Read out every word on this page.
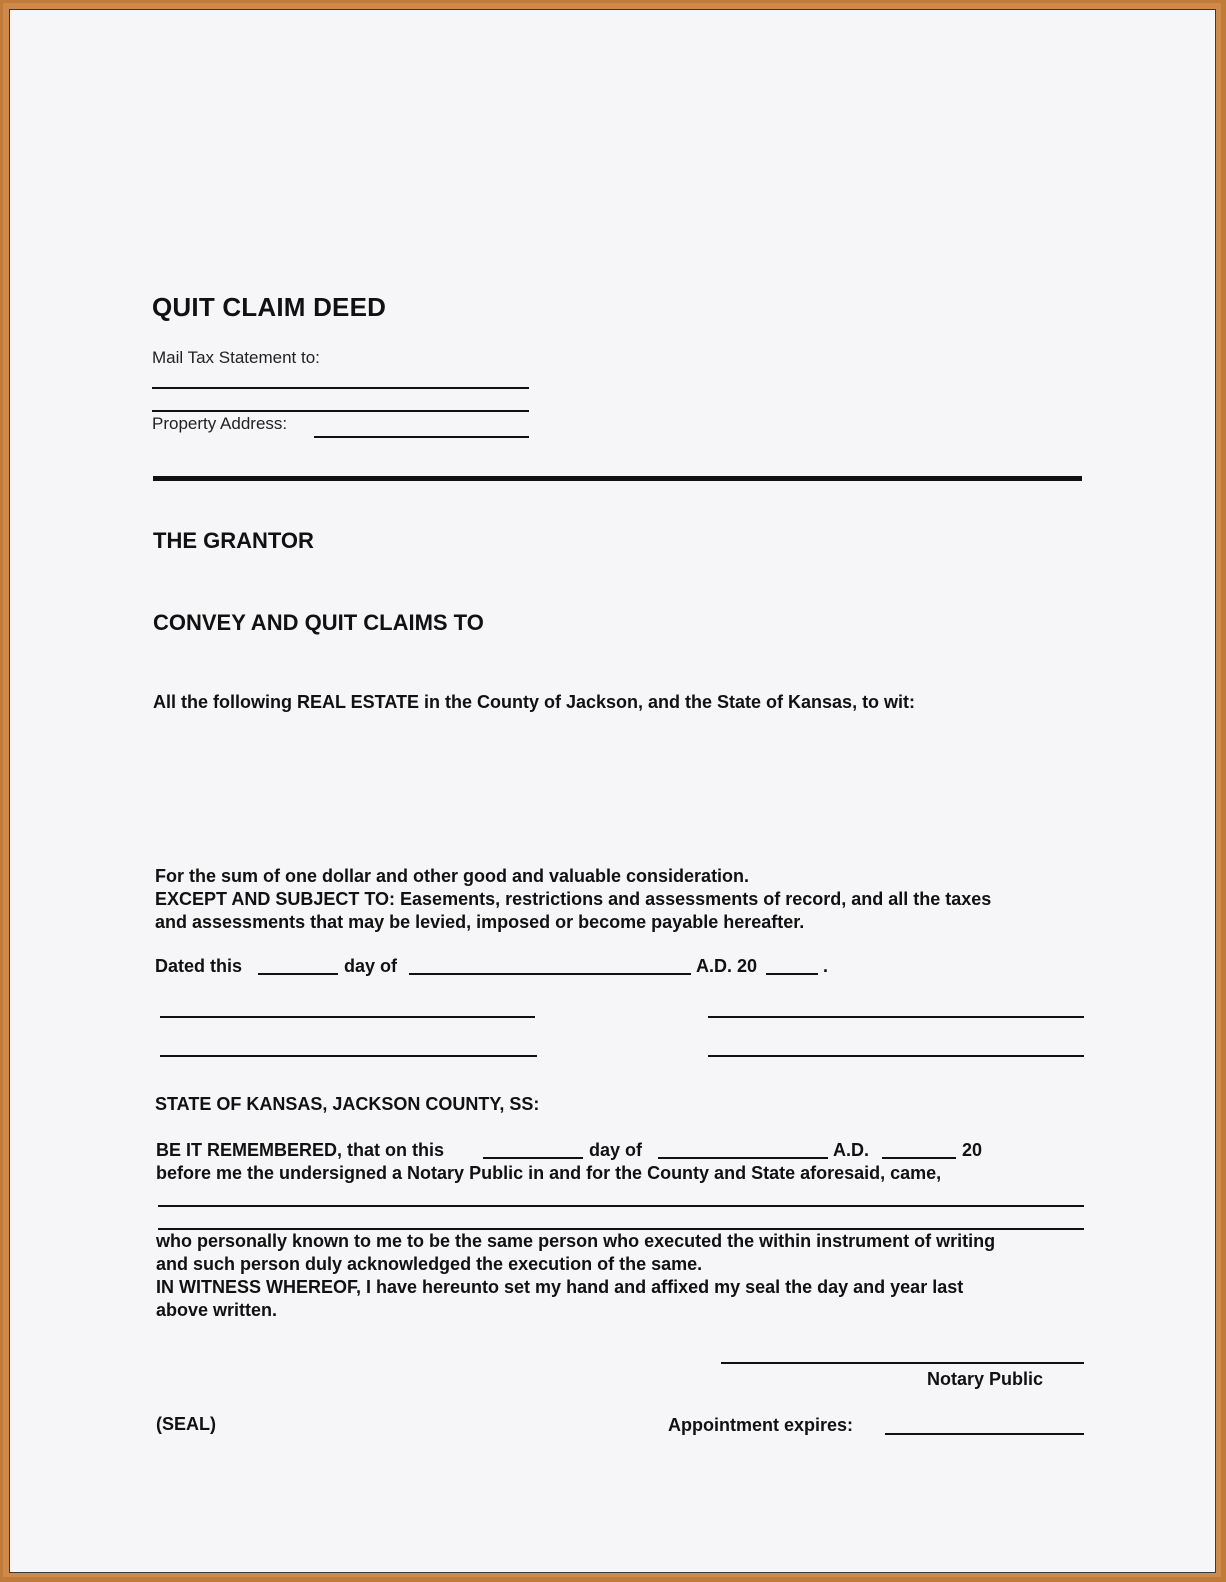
QUIT CLAIM DEED
Mail Tax Statement to:
Property Address:
THE GRANTOR
CONVEY AND QUIT CLAIMS TO
All the following REAL ESTATE in the County of Jackson, and the State of Kansas, to wit:
For the sum of one dollar and other good and valuable consideration.
EXCEPT AND SUBJECT TO: Easements, restrictions and assessments of record, and all the taxes
and assessments that may be levied, imposed or become payable hereafter.
Dated this	day of	A.D. 20	.
STATE OF KANSAS, JACKSON COUNTY, SS:
BE IT REMEMBERED, that on this	day of	A.D.	20
before me the undersigned a Notary Public in and for the County and State aforesaid, came,
who personally known to me to be the same person who executed the within instrument of writing
and such person duly acknowledged the execution of the same.
IN WITNESS WHEREOF, I have hereunto set my hand and affixed my seal the day and year last
above written.
Notary Public
(SEAL)	Appointment expires:
